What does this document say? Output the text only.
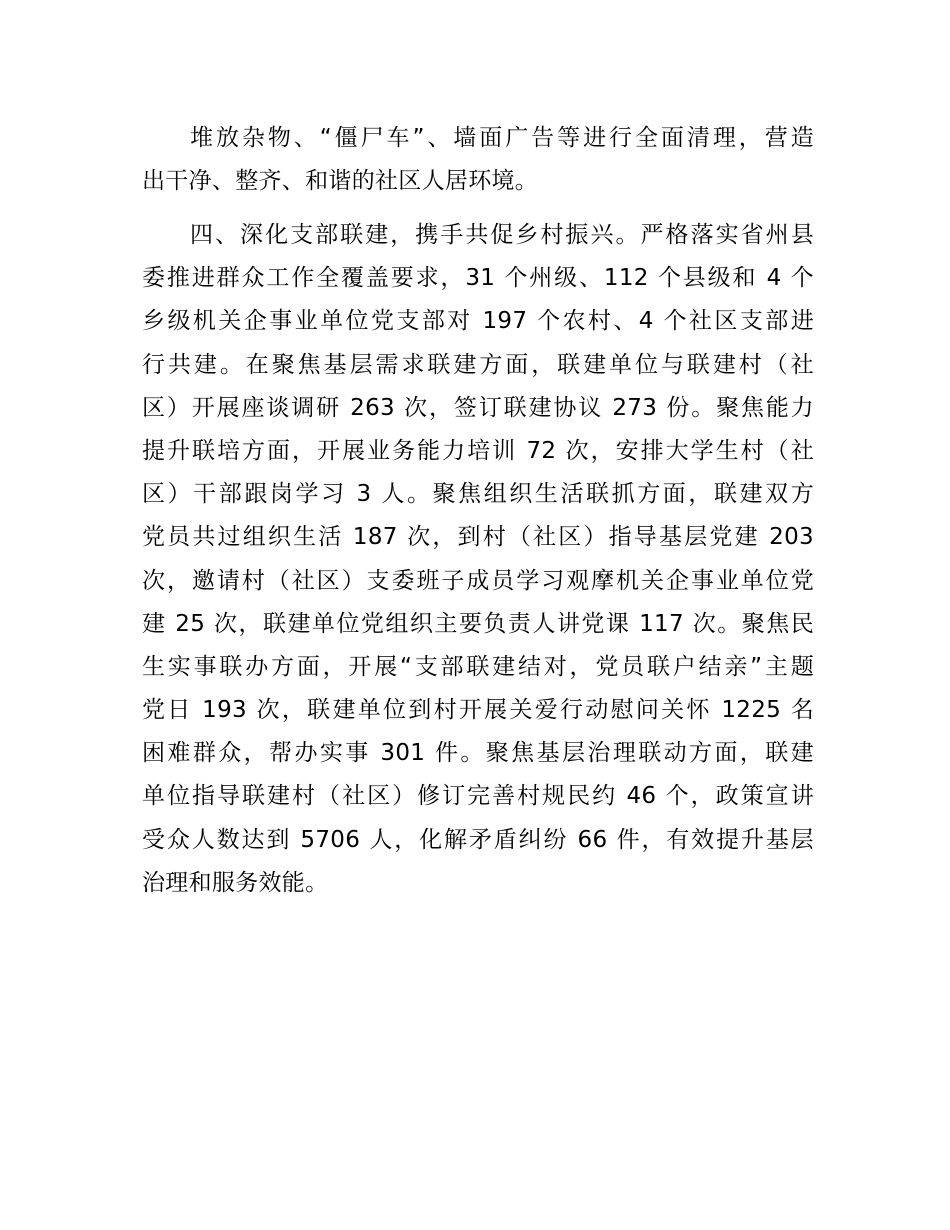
堆放杂物、“僵尸车”、墙面广告等进行全面清理，营造
出干净、整齐、和谐的社区人居环境。
四、深化支部联建，携手共促乡村振兴。严格落实省州县
委推进群众工作全覆盖要求，31 个州级、112 个县级和 4 个
乡级机关企事业单位党支部对 197 个农村、4 个社区支部进
行共建。在聚焦基层需求联建方面，联建单位与联建村（社
区）开展座谈调研 263 次，签订联建协议 273 份。聚焦能力
提升联培方面，开展业务能力培训 72 次，安排大学生村（社
区）干部跟岗学习 3 人。聚焦组织生活联抓方面，联建双方
党员共过组织生活 187 次，到村（社区）指导基层党建 203
次，邀请村（社区）支委班子成员学习观摩机关企事业单位党
建 25 次，联建单位党组织主要负责人讲党课 117 次。聚焦民
生实事联办方面，开展“支部联建结对，党员联户结亲”主题
党日 193 次，联建单位到村开展关爱行动慰问关怀 1225 名
困难群众，帮办实事 301 件。聚焦基层治理联动方面，联建
单位指导联建村（社区）修订完善村规民约 46 个，政策宣讲
受众人数达到 5706 人，化解矛盾纠纷 66 件，有效提升基层
治理和服务效能。
